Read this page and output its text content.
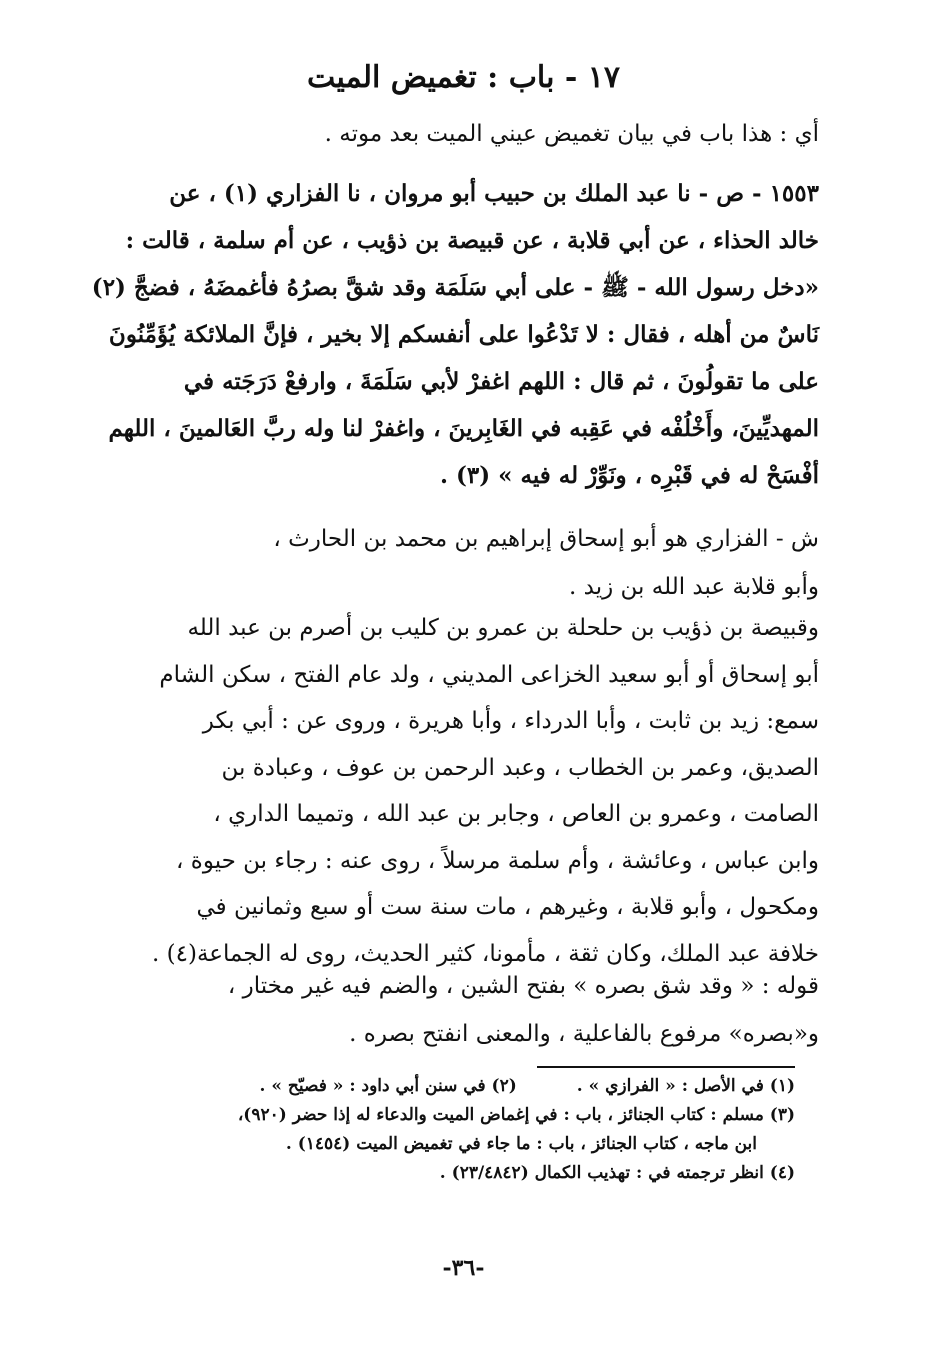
١٧ - باب : تغميض الميت
أي : هذا باب في بيان تغميض عيني الميت بعد موته .
١٥٥٣ - ص - نا عبد الملك بن حبيب أبو مروان ، نا الفزاري (١) ، عن
خالد الحذاء ، عن أبي قلابة ، عن قبيصة بن ذؤيب ، عن أم سلمة ، قالت :
«دخل رسول الله - ﷺ - على أبي سَلَمَة وقد شقَّ بصرُهُ فأغمضَهُ ، فضجَّ (٢)
نَاسٌ من أهله ، فقال : لا تَدْعُوا على أنفسكم إلا بخير ، فإنَّ الملائكة يُؤَمِّنُونَ
على ما تقولُونَ ، ثم قال : اللهم اغفرْ لأبي سَلَمَةَ ، وارفعْ دَرَجَته في
المهديِّينَ، وأَخْلُفْه في عَقِبه في الغَابِرينَ ، واغفرْ لنا وله ربَّ العَالمينَ ، اللهم
أفْسَحْ له في قَبْرِه ، ونَوِّرْ له فيه » (٣) .
ش - الفزاري هو أبو إسحاق إبراهيم بن محمد بن الحارث ،
وأبو قلابة عبد الله بن زيد .
وقبيصة بن ذؤيب بن حلحلة بن عمرو بن كليب بن أصرم بن عبد الله
أبو إسحاق أو أبو سعيد الخزاعى المديني ، ولد عام الفتح ، سكن الشام
سمع: زيد بن ثابت ، وأبا الدرداء ، وأبا هريرة ، وروى عن : أبي بكر
الصديق، وعمر بن الخطاب ، وعبد الرحمن بن عوف ، وعبادة بن
الصامت ، وعمرو بن العاص ، وجابر بن عبد الله ، وتميما الداري ،
وابن عباس ، وعائشة ، وأم سلمة مرسلاً ، روى عنه : رجاء بن حيوة ،
ومكحول ، وأبو قلابة ، وغيرهم ، مات سنة ست أو سبع وثمانين في
خلافة عبد الملك، وكان ثقة ، مأمونا، كثير الحديث، روى له الجماعة(٤) .
قوله : « وقد شق بصره » بفتح الشين ، والضم فيه غير مختار ،
و«بصره» مرفوع بالفاعلية ، والمعنى انفتح بصره .
(١) في الأصل : « الفرازي » .(٢) في سنن أبي داود : « فصيّح » .
(٣) مسلم : كتاب الجنائز ، باب : في إغماض الميت والدعاء له إذا حضر (٩٢٠)،
ابن ماجه ، كتاب الجنائز ، باب : ما جاء في تغميض الميت (١٤٥٤) .
(٤) انظر ترجمته في : تهذيب الكمال (٢٣/٤٨٤٢) .
-٣٦-
